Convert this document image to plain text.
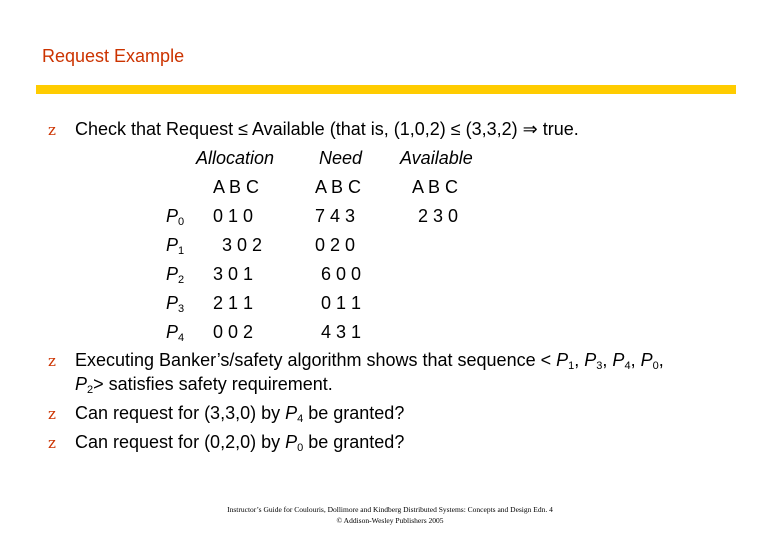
Request Example
z Check that Request ≤ Available (that is, (1,0,2) ≤ (3,3,2) ⇒ true.
Allocation Need Available
A B C	A B C	A B C
$P_0$ 0 1 0	7 4 3	2 3 0
$P_1$ 3 0 2	0 2 0
$P_2$ 3 0 1	6 0 0
$P_3$ 2 1 1	0 1 1
$P_4$ 0 0 2	4 3 1
z Executing Banker’s/safety algorithm shows that sequence < $P_1$, $P_3$, $P_4$, $P_0$,
$P_2>$ satisfies safety requirement.
z Can request for (3,3,0) by $P_4$ be granted?
z Can request for (0,2,0) by $P_0$ be granted?
Instructor’s Guide for Coulouris, Dollimore and Kindberg Distributed Systems: Concepts and Design Edn. 4
© Addison-Wesley Publishers 2005
